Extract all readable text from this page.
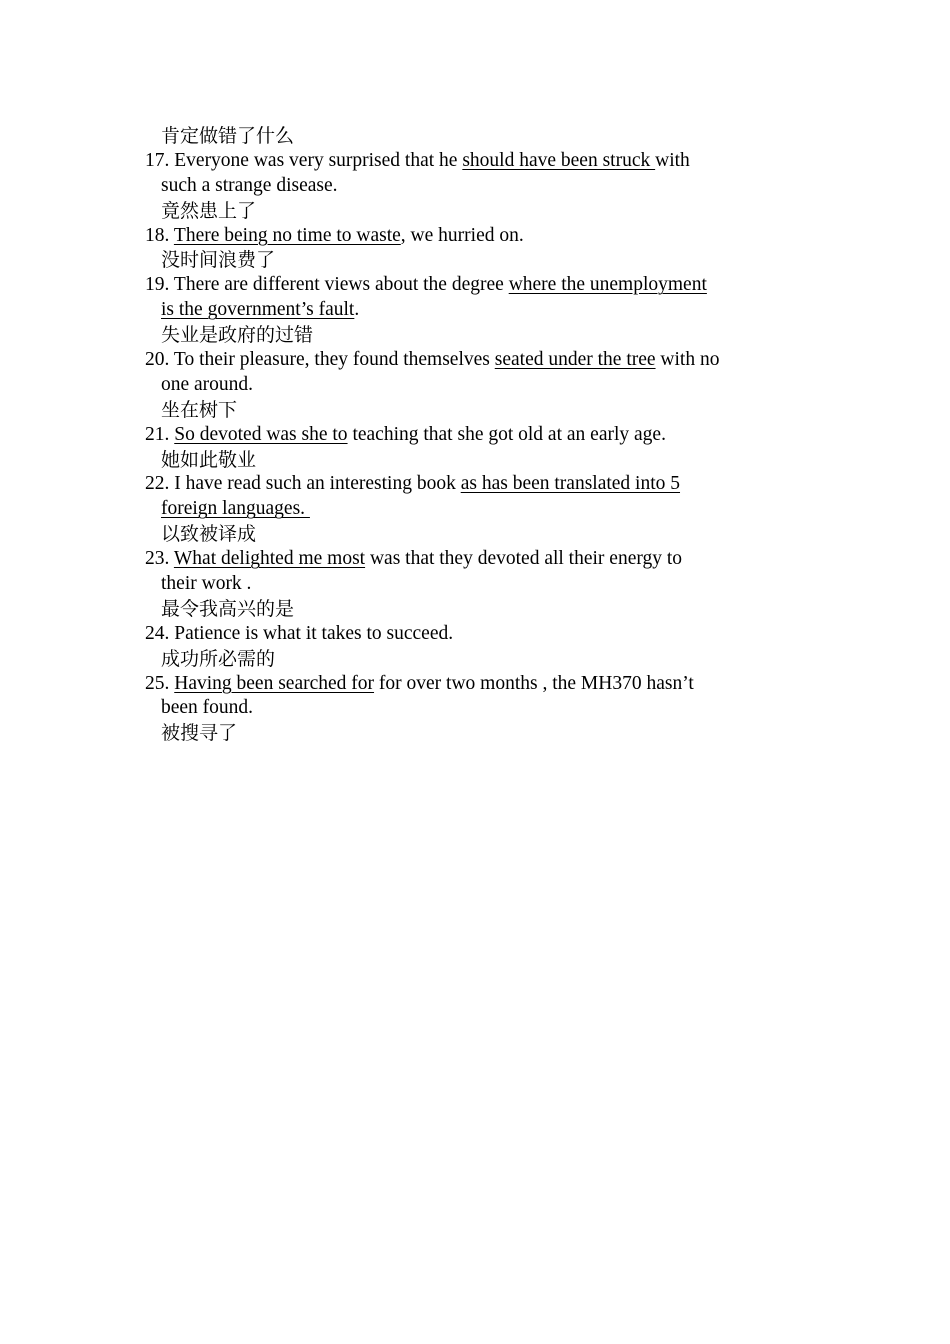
肯定做错了什么
17. Everyone was very surprised that he should have been struck with
such a strange disease.
竟然患上了
18. There being no time to waste, we hurried on.
没时间浪费了
19. There are different views about the degree where the unemployment
is the government’s fault.
失业是政府的过错
20. To their pleasure, they found themselves seated under the tree with no
one around.
坐在树下
21. So devoted was she to teaching that she got old at an early age.
她如此敬业
22. I have read such an interesting book as has been translated into 5
foreign languages.
以致被译成
23. What delighted me most was that they devoted all their energy to
their work .
最令我高兴的是
24. Patience is what it takes to succeed.
成功所必需的
25. Having been searched for for over two months , the MH370 hasn’t
been found.
被搜寻了
